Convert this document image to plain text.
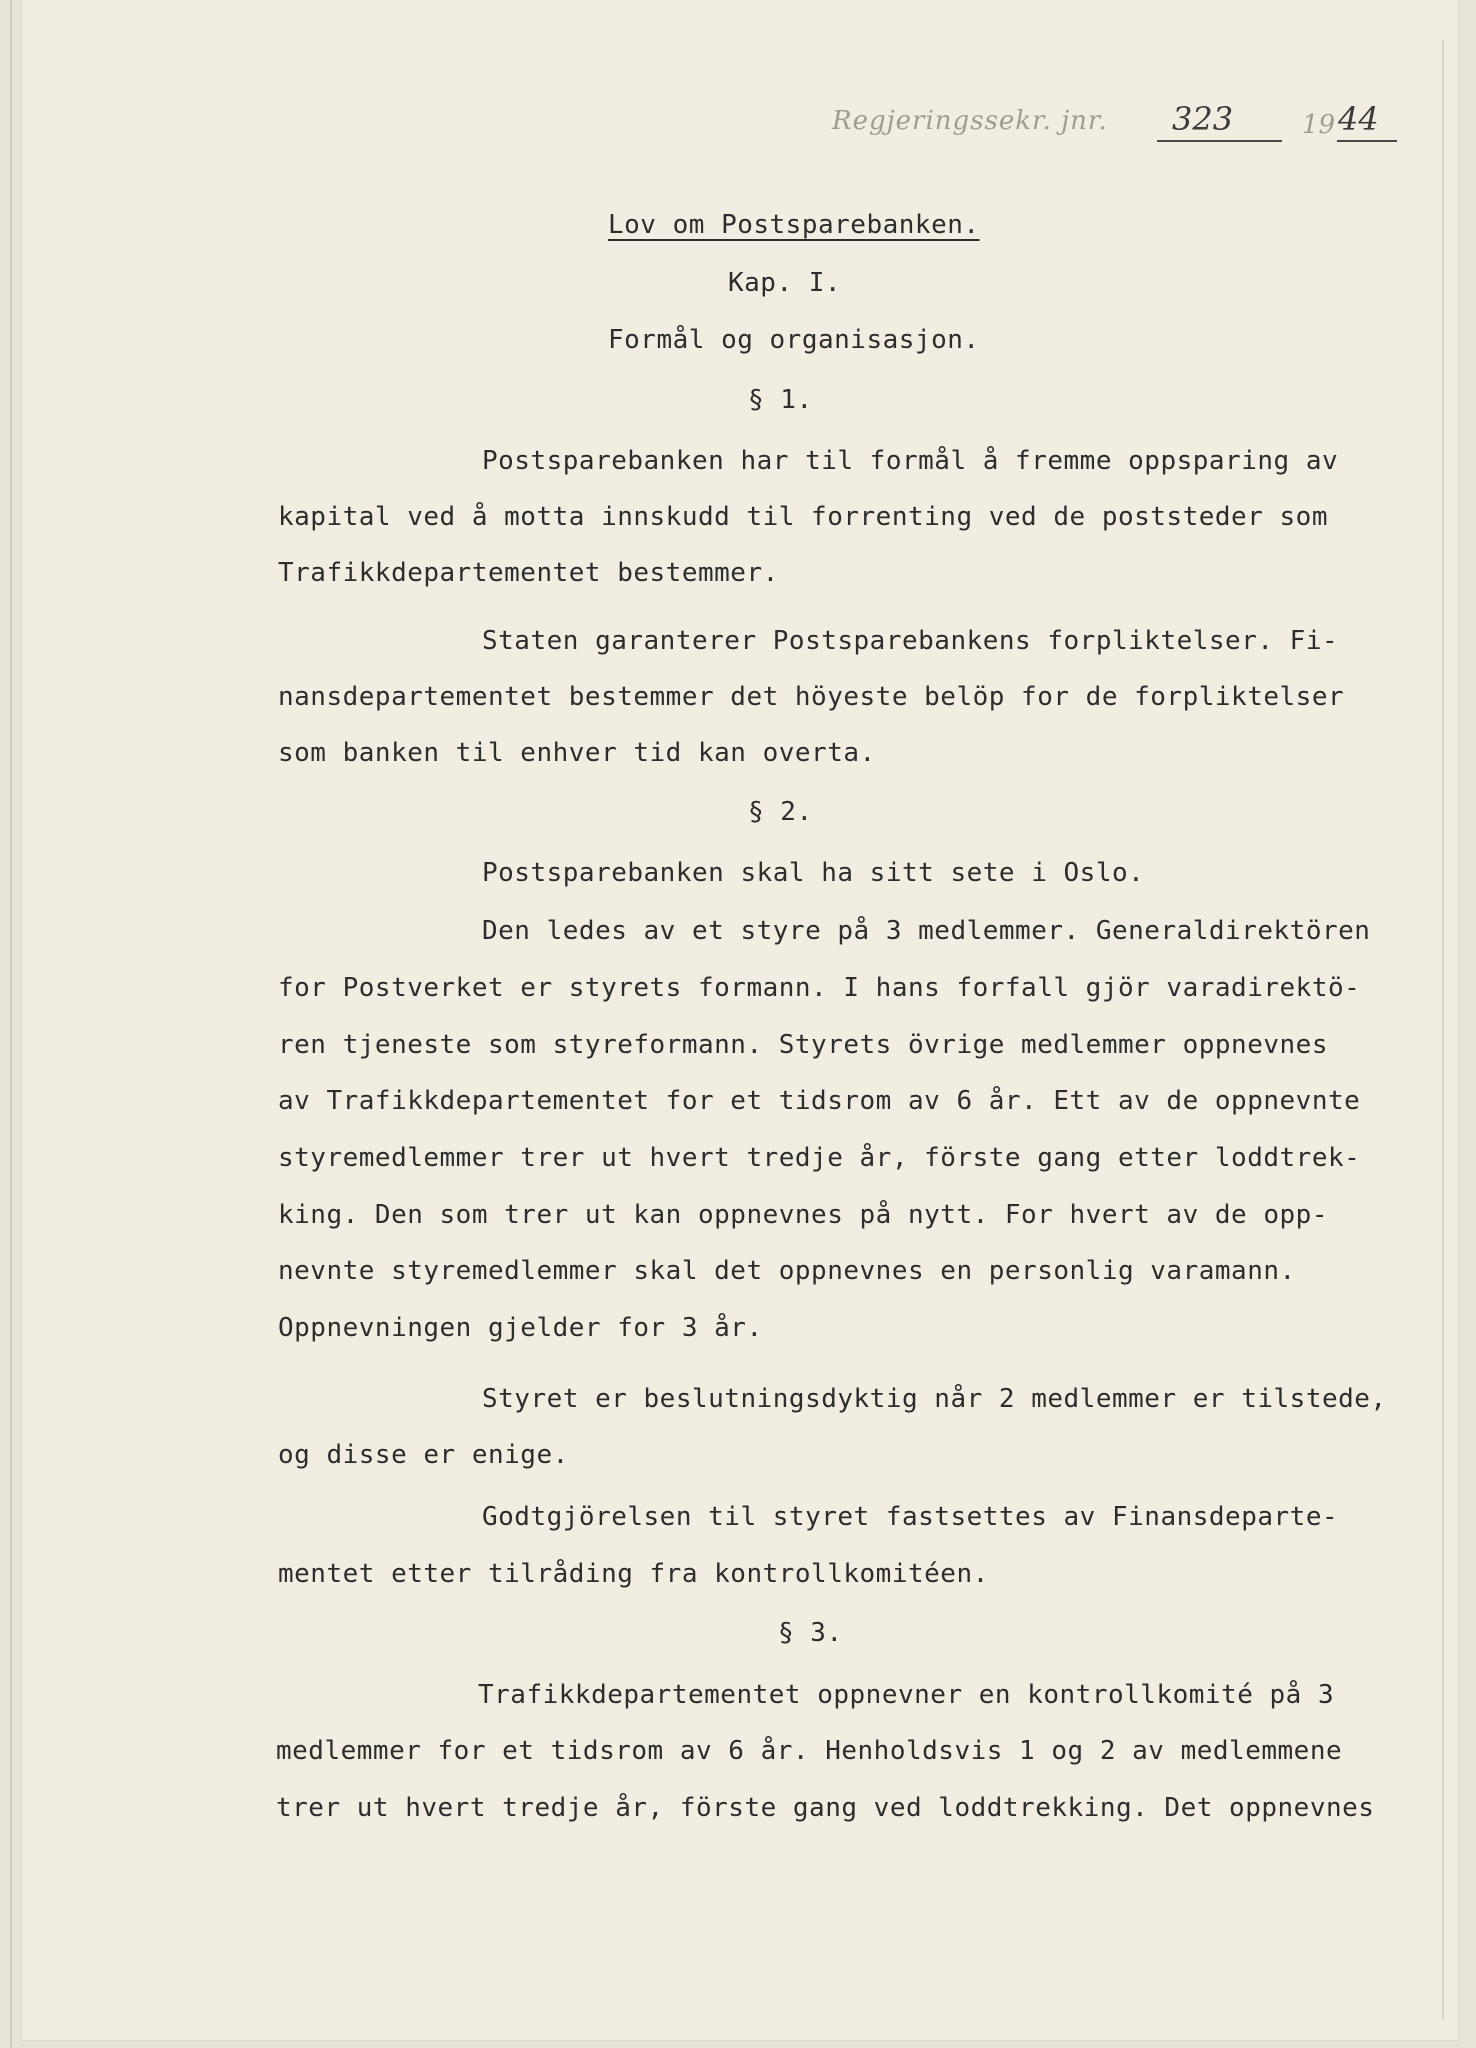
Regjeringssekr. jnr. 323	19 44
Lov om Postsparebanken.
Kap. I.
Formål og organisasjon.
§ 1.
Postsparebanken har til formål å fremme oppsparing av
kapital ved å motta innskudd til forrenting ved de poststeder som
Trafikkdepartementet bestemmer.
Staten garanterer Postsparebankens forpliktelser. Fi-
nansdepartementet bestemmer det höyeste belöp for de forpliktelser
som banken til enhver tid kan overta.
§ 2.
Postsparebanken skal ha sitt sete i Oslo.
Den ledes av et styre på 3 medlemmer. Generaldirektören
for Postverket er styrets formann. I hans forfall gjör varadirektö-
ren tjeneste som styreformann. Styrets övrige medlemmer oppnevnes
av Trafikkdepartementet for et tidsrom av 6 år. Ett av de oppnevnte
styremedlemmer trer ut hvert tredje år, förste gang etter loddtrek-
king. Den som trer ut kan oppnevnes på nytt. For hvert av de opp-
nevnte styremedlemmer skal det oppnevnes en personlig varamann.
Oppnevningen gjelder for 3 år.
Styret er beslutningsdyktig når 2 medlemmer er tilstede,
og disse er enige.
Godtgjörelsen til styret fastsettes av Finansdeparte-
mentet etter tilråding fra kontrollkomitéen.
§ 3.
Trafikkdepartementet oppnevner en kontrollkomité på 3
medlemmer for et tidsrom av 6 år. Henholdsvis 1 og 2 av medlemmene
trer ut hvert tredje år, förste gang ved loddtrekking. Det oppnevnes
